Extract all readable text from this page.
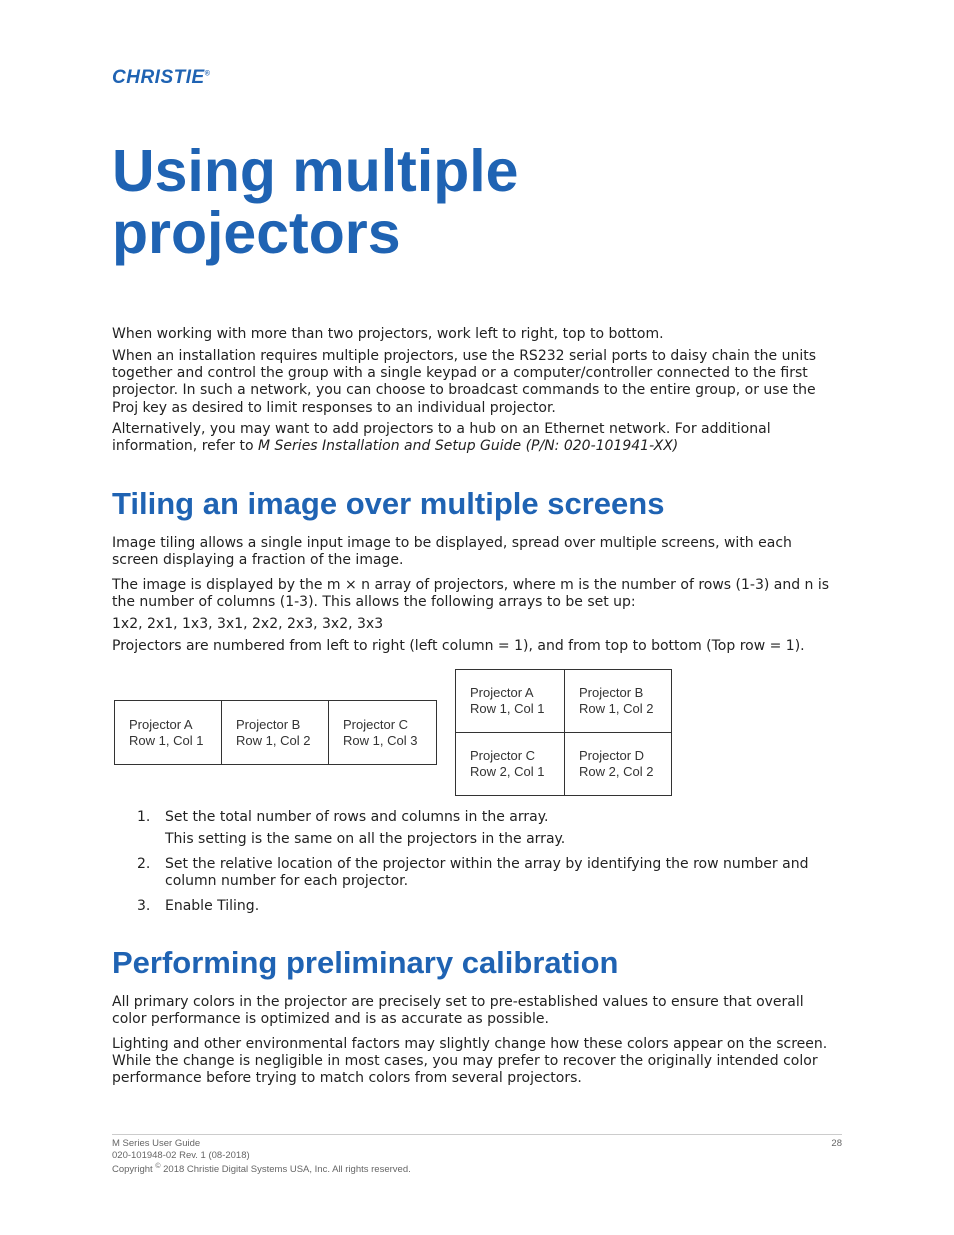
CHRISTIE®
Using multiple
projectors

When working with more than two projectors, work left to right, top to bottom.

When an installation requires multiple projectors, use the RS232 serial ports to daisy chain the units together and control the group with a single keypad or a computer/controller connected to the first projector. In such a network, you can choose to broadcast commands to the entire group, or use the Proj key as desired to limit responses to an individual projector.

Alternatively, you may want to add projectors to a hub on an Ethernet network. For additional information, refer to M Series Installation and Setup Guide (P/N: 020-101941-XX)

Tiling an image over multiple screens

Image tiling allows a single input image to be displayed, spread over multiple screens, with each screen displaying a fraction of the image.

The image is displayed by the m × n array of projectors, where m is the number of rows (1-3) and n is the number of columns (1-3). This allows the following arrays to be set up:

1x2, 2x1, 1x3, 3x1, 2x2, 2x3, 3x2, 3x3

Projectors are numbered from left to right (left column = 1), and from top to bottom (Top row = 1).

Projector A
Row 1, Col 1	Projector B
Row 1, Col 2	Projector C
Row 1, Col 3
Projector A
Row 1, Col 1	Projector B
Row 1, Col 2
Projector C
Row 2, Col 1	Projector D
Row 2, Col 2
1. Set the total number of rows and columns in the array.

This setting is the same on all the projectors in the array.

2. Set the relative location of the projector within the array by identifying the row number and column number for each projector.

3. Enable Tiling.

Performing preliminary calibration

All primary colors in the projector are precisely set to pre-established values to ensure that overall color performance is optimized and is as accurate as possible.

Lighting and other environmental factors may slightly change how these colors appear on the screen. While the change is negligible in most cases, you may prefer to recover the originally intended color performance before trying to match colors from several projectors.

M Series User Guide
020-101948-02 Rev. 1 (08-2018)
Copyright © 2018 Christie Digital Systems USA, Inc. All rights reserved.
28
